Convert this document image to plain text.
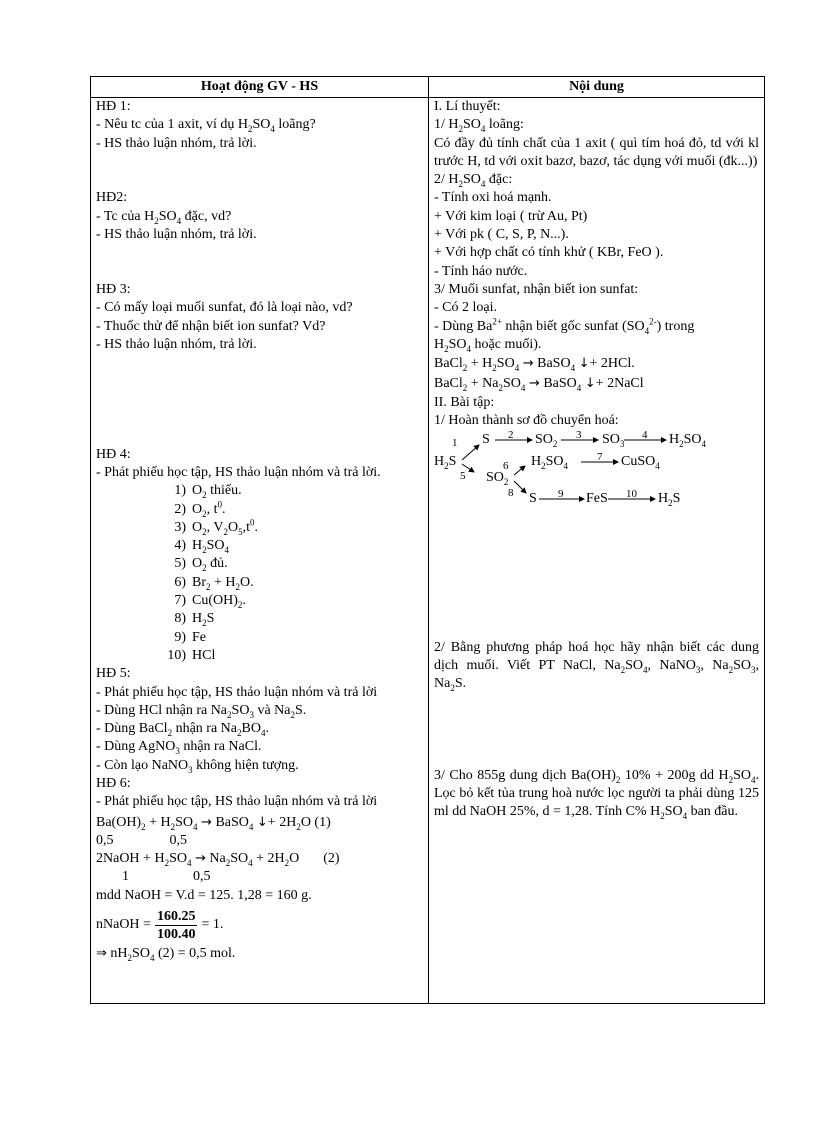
Hoạt động GV - HS	Nội dung
HĐ 1:
- Nêu tc của 1 axit, ví dụ $H_2SO_4$ loãng?
- HS thảo luận nhóm, trả lời.
HĐ2:
- Tc của $H_2SO_4$ đặc, vd?
- HS thảo luận nhóm, trả lời.
HĐ 3:
- Có mấy loại muối sunfat, đó là loại nào, vd?
- Thuốc thử để nhận biết ion sunfat? Vd?
- HS thảo luận nhóm, trả lời.
HĐ 4:
- Phát phiếu học tập, HS thảo luận nhóm và trả lời.
1) $O_2$ thiếu.
2) $O_2$, $t^0$.
3) $O_2$, $V_2O_5,t^0$.
4) $H_2SO_4$
5) $O_2$ đủ.
6) $Br_2 + H_2O$.
7) $Cu(OH)_2$.
8) $H_2S$
9) Fe
10) HCl
HĐ 5:
- Phát phiếu học tập, HS thảo luận nhóm và trả lời
- Dùng HCl nhận ra $Na_2SO_3$ và $Na_2S$.
- Dùng BaCl$_2$ nhận ra $Na_2BO_4$.
- Dùng AgNO$_3$ nhận ra NaCl.
- Còn lạo NaNO$_3$ không hiện tượng.
HĐ 6:
- Phát phiếu học tập, HS thảo luận nhóm và trả lời
$Ba(OH)_2 + H_2SO_4$ → BaSO$_4$ ↓+ $2H_2O$ (1)
0,5	0,5
2NaOH + $H_2SO_4 \to Na_2SO_4 + 2H_2O$ (2)
1	0,5
mdd NaOH = V.d = 125. 1,28 = 160 g.
nNaOH = $\frac{160.25}{100.40} = 1$.
⇒ $nH_2SO_4$ (2) = 0,5 mol.
I. Lí thuyết:
1/ $H_2SO_4$ loãng:
Có đầy đủ tính chất của 1 axit ( quì tím hoá đỏ, td với kl trước H, td với oxit bazơ, bazơ, tác dụng với muối (đk...))
2/ $H_2SO_4$ đặc:
- Tính oxi hoá mạnh.
+ Với kim loại ( trừ Au, Pt)
+ Với pk ( C, S, P, N...).
+ Với hợp chất có tính khử ( KBr, FeO ).
- Tính háo nước.
3/ Muối sunfat, nhận biết ion sunfat:
- Có 2 loại.
- Dùng $Ba^{2+}$ nhận biết gốc sunfat $(SO_4^{2-})$ trong
$H_2SO_4$ hoặc muối).
BaCl$_2$ + $H_2SO_4$ → BaSO$_4$ ↓+ 2HCl.
BaCl$_2$ + $Na_2SO_4$ → BaSO$_4$ ↓+ 2NaCl
II. Bài tập:
1/ Hoàn thành sơ đồ chuyển hoá:
1 S 2 $SO_2$
3 $SO_3$
4 $H_2SO_4$
$H_2S$
5
6 $H_2SO_4$
7 CuSO$_4$
$SO_2$
8 S 9 FeS 10 $H_2S$
2/ Bằng phương pháp hoá học hãy nhận biết các dung dịch muối. Viết PT NaCl, $Na_2SO_4$, NaNO$_3$, $Na_2SO_3$, $Na_2S$.
3/ Cho 855g dung dịch $Ba(OH)_2$ 10% + 200g dd $H_2SO_4$. Lọc bỏ kết tủa trung hoà nước lọc người ta phải dùng 125 ml dd NaOH 25%, d = 1,28. Tính C% $H_2SO_4$ ban đầu.
